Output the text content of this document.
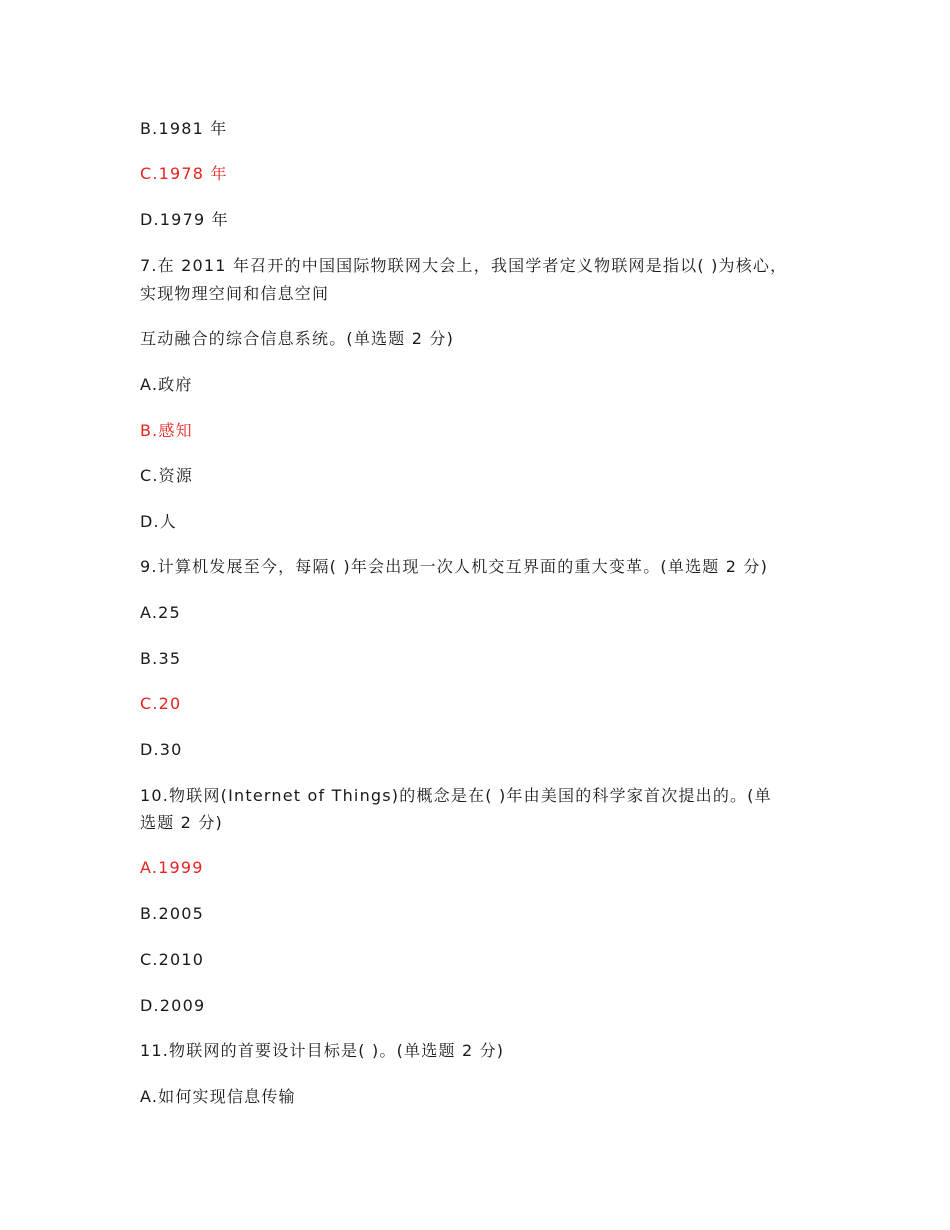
B.1981 年
C.1978 年
D.1979 年
7.在 2011 年召开的中国国际物联网大会上，我国学者定义物联网是指以( )为核心，
实现物理空间和信息空间
互动融合的综合信息系统。(单选题 2 分)
A.政府
B.感知
C.资源
D.人
9.计算机发展至今，每隔( )年会出现一次人机交互界面的重大变革。(单选题 2 分)
A.25
B.35
C.20
D.30
10.物联网(Internet of Things)的概念是在( )年由美国的科学家首次提出的。(单
选题 2 分)
A.1999
B.2005
C.2010
D.2009
11.物联网的首要设计目标是( )。(单选题 2 分)
A.如何实现信息传输
